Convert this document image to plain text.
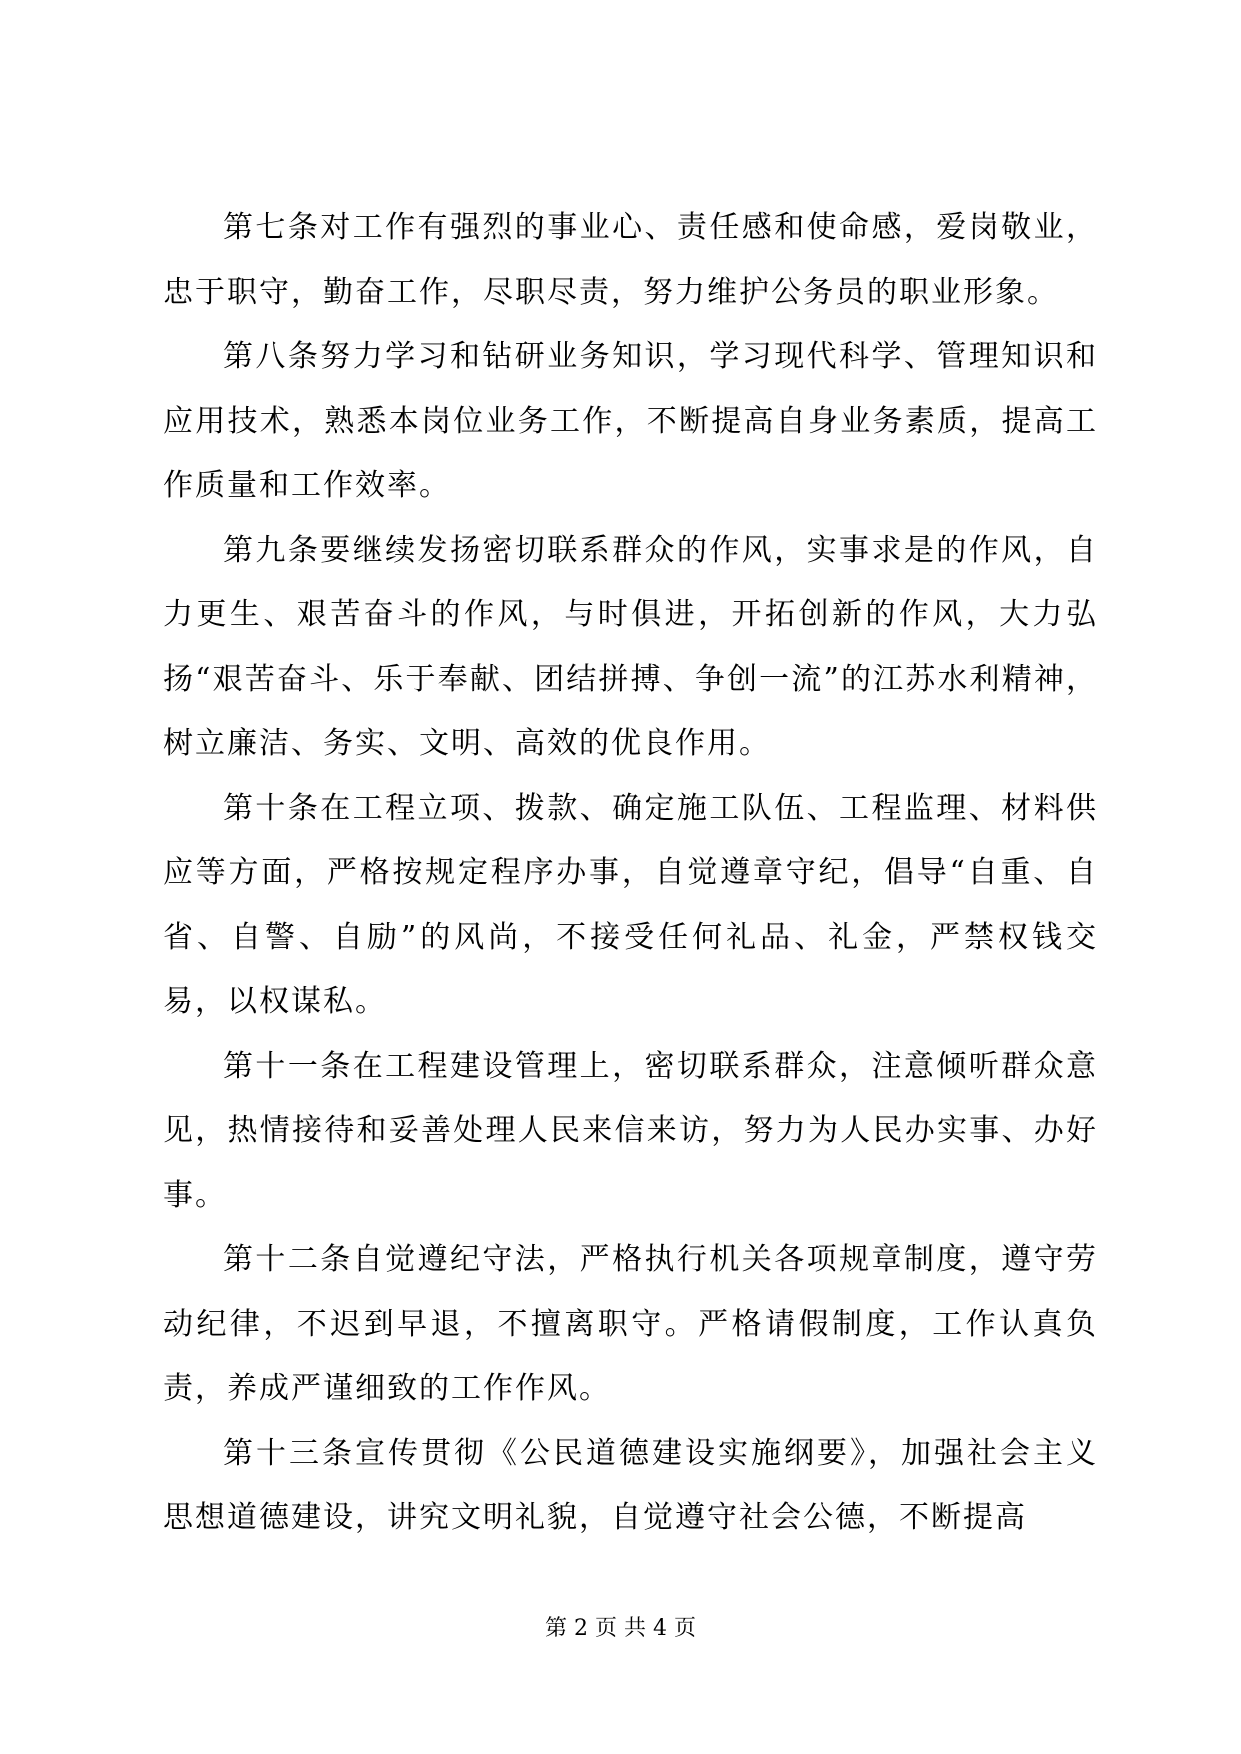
第七条对工作有强烈的事业心、责任感和使命感，爱岗敬业，忠于职守，勤奋工作，尽职尽责，努力维护公务员的职业形象。

第八条努力学习和钻研业务知识，学习现代科学、管理知识和应用技术，熟悉本岗位业务工作，不断提高自身业务素质，提高工作质量和工作效率。

第九条要继续发扬密切联系群众的作风，实事求是的作风，自力更生、艰苦奋斗的作风，与时俱进，开拓创新的作风，大力弘扬“艰苦奋斗、乐于奉献、团结拼搏、争创一流”的江苏水利精神，树立廉洁、务实、文明、高效的优良作用。

第十条在工程立项、拨款、确定施工队伍、工程监理、材料供应等方面，严格按规定程序办事，自觉遵章守纪，倡导“自重、自省、自警、自励”的风尚，不接受任何礼品、礼金，严禁权钱交易，以权谋私。

第十一条在工程建设管理上，密切联系群众，注意倾听群众意见，热情接待和妥善处理人民来信来访，努力为人民办实事、办好事。

第十二条自觉遵纪守法，严格执行机关各项规章制度，遵守劳动纪律，不迟到早退，不擅离职守。严格请假制度，工作认真负责，养成严谨细致的工作作风。

第十三条宣传贯彻《公民道德建设实施纲要》，加强社会主义思想道德建设，讲究文明礼貌，自觉遵守社会公德，不断提高

第 2 页 共 4 页
